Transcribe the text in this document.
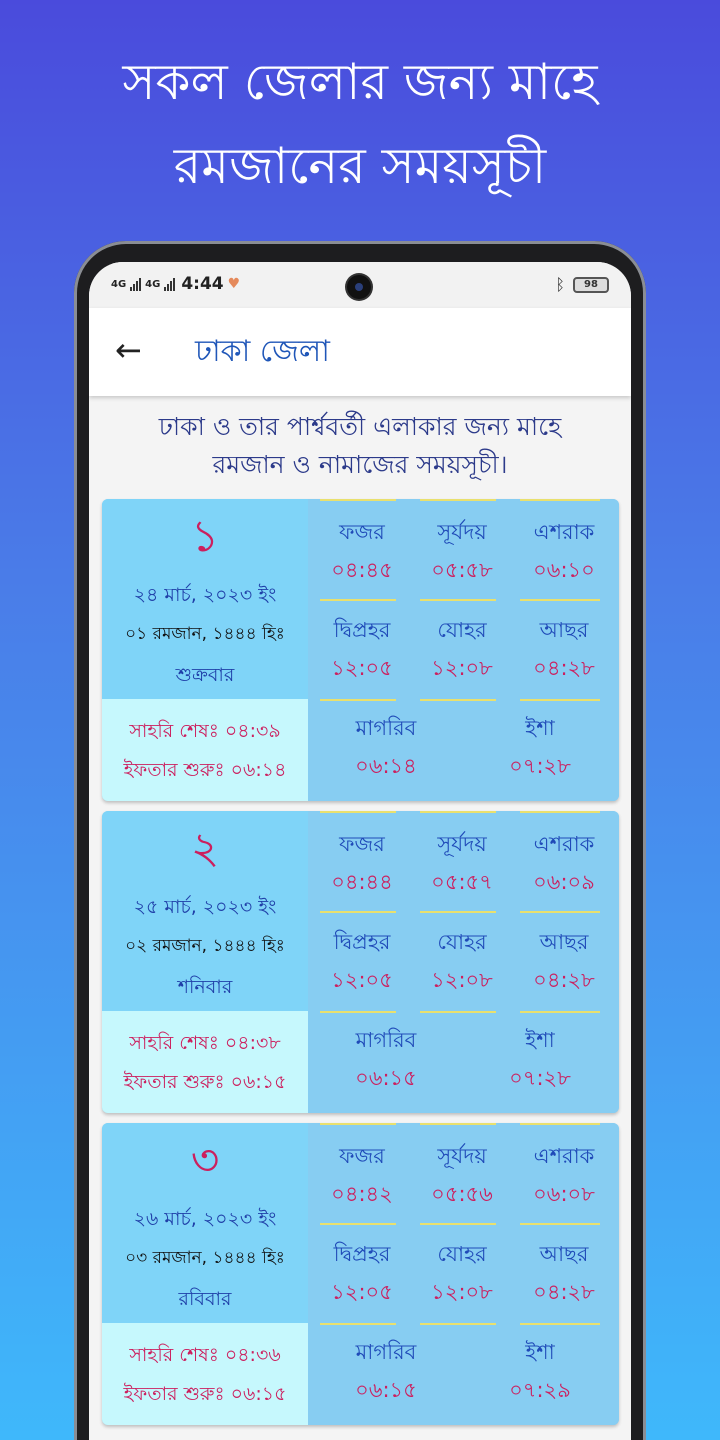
সকল জেলার জন্য মাহে
রমজানের সময়সূচী
4G 4G 4:44 ♥	ᛒ	98
← ঢাকা জেলা
ঢাকা ও তার পার্শ্ববর্তী এলাকার জন্য মাহে
রমজান ও নামাজের সময়সূচী।
১
২৪ মার্চ, ২০২৩ ইং
০১ রমজান, ১৪৪৪ হিঃ
শুক্রবার
সাহরি শেষঃ ০৪:৩৯
ইফতার শুরুঃ ০৬:১৪
ফজর
০৪:৪৫
সূর্যদয়
০৫:৫৮
এশরাক
০৬:১০
দ্বিপ্রহর
১২:০৫
যোহর
১২:০৮
আছর
০৪:২৮
মাগরিব
০৬:১৪
ইশা
০৭:২৮
২
২৫ মার্চ, ২০২৩ ইং
০২ রমজান, ১৪৪৪ হিঃ
শনিবার
সাহরি শেষঃ ০৪:৩৮
ইফতার শুরুঃ ০৬:১৫
ফজর
০৪:৪৪
সূর্যদয়
০৫:৫৭
এশরাক
০৬:০৯
দ্বিপ্রহর
১২:০৫
যোহর
১২:০৮
আছর
০৪:২৮
মাগরিব
০৬:১৫
ইশা
০৭:২৮
৩
২৬ মার্চ, ২০২৩ ইং
০৩ রমজান, ১৪৪৪ হিঃ
রবিবার
সাহরি শেষঃ ০৪:৩৬
ইফতার শুরুঃ ০৬:১৫
ফজর
০৪:৪২
সূর্যদয়
০৫:৫৬
এশরাক
০৬:০৮
দ্বিপ্রহর
১২:০৫
যোহর
১২:০৮
আছর
০৪:২৮
মাগরিব
০৬:১৫
ইশা
০৭:২৯
